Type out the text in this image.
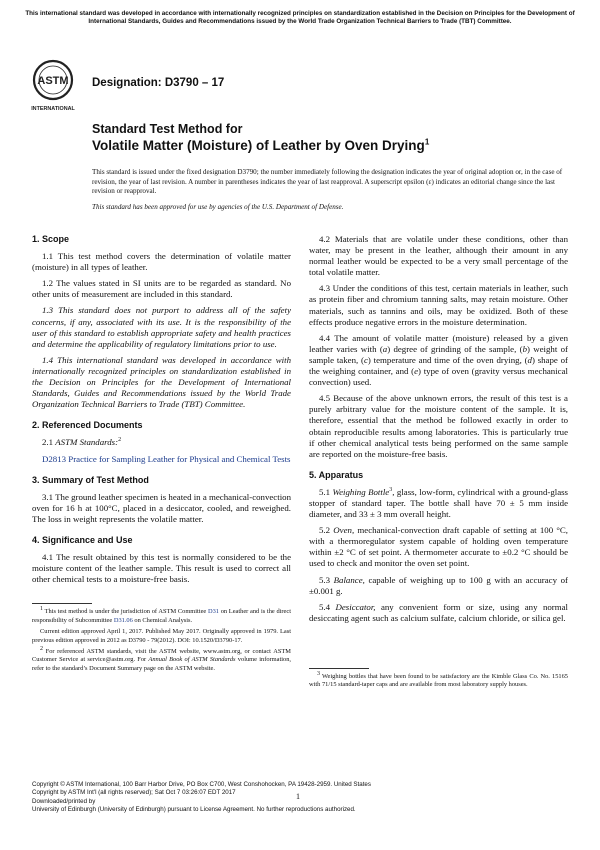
This international standard was developed in accordance with internationally recognized principles on standardization established in the Decision on Principles for the Development of International Standards, Guides and Recommendations issued by the World Trade Organization Technical Barriers to Trade (TBT) Committee.
ASTM
INTERNATIONAL
Designation: D3790 – 17
Standard Test Method for
Volatile Matter (Moisture) of Leather by Oven Drying$^1$
This standard is issued under the fixed designation D3790; the number immediately following the designation indicates the year of original adoption or, in the case of revision, the year of last revision. A number in parentheses indicates the year of last reapproval. A superscript epsilon (ε) indicates an editorial change since the last revision or reapproval.
This standard has been approved for use by agencies of the U.S. Department of Defense.
1. Scope

1.1 This test method covers the determination of volatile matter (moisture) in all types of leather.

1.2 The values stated in SI units are to be regarded as standard. No other units of measurement are included in this standard.

1.3 This standard does not purport to address all of the safety concerns, if any, associated with its use. It is the responsibility of the user of this standard to establish appropriate safety and health practices and determine the applicability of regulatory limitations prior to use.

1.4 This international standard was developed in accordance with internationally recognized principles on standardization established in the Decision on Principles for the Development of International Standards, Guides and Recommendations issued by the World Trade Organization Technical Barriers to Trade (TBT) Committee.

2. Referenced Documents

2.1 ASTM Standards:$^2$

D2813 Practice for Sampling Leather for Physical and Chemical Tests

3. Summary of Test Method

3.1 The ground leather specimen is heated in a mechanical-convection oven for 16 h at 100°C, placed in a desiccator, cooled, and reweighed. The loss in weight represents the volatile matter.

4. Significance and Use

4.1 The result obtained by this test is normally considered to be the moisture content of the leather sample. This result is used to correct all other chemical tests to a moisture-free basis.

$^1$ This test method is under the jurisdiction of ASTM Committee D31 on Leather and is the direct responsibility of Subcommittee D31.06 on Chemical Analysis.
Current edition approved April 1, 2017. Published May 2017. Originally approved in 1979. Last previous edition approved in 2012 as D3790 - 79(2012). DOI: 10.1520/D3790-17.
$^2$ For referenced ASTM standards, visit the ASTM website, www.astm.org, or contact ASTM Customer Service at service@astm.org. For Annual Book of ASTM Standards volume information, refer to the standard’s Document Summary page on the ASTM website.

4.2 Materials that are volatile under these conditions, other than water, may be present in the leather, although their amount in any normal leather would be expected to be a very small percentage of the total volatile matter.

4.3 Under the conditions of this test, certain materials in leather, such as protein fiber and chromium tanning salts, may retain moisture. Other materials, such as tannins and oils, may be oxidized. Both of these effects produce negative errors in the moisture determination.

4.4 The amount of volatile matter (moisture) released by a given leather varies with (a) degree of grinding of the sample, (b) weight of sample taken, (c) temperature and time of the oven drying, (d) shape of the weighing container, and (e) type of oven (gravity versus mechanical convection) used.

4.5 Because of the above unknown errors, the result of this test is a purely arbitrary value for the moisture content of the sample. It is, therefore, essential that the method be followed exactly in order to obtain reproducible results among laboratories. This is particularly true if other chemical analytical tests being performed on the same sample are reported on the moisture-free basis.

5. Apparatus

5.1 Weighing Bottle$^3$, glass, low-form, cylindrical with a ground-glass stopper of standard taper. The bottle shall have 70 ± 5 mm inside diameter, and 33 ± 3 mm overall height.

5.2 Oven, mechanical-convection draft capable of setting at 100 °C, with a thermoregulator system capable of holding oven temperature within ±2 °C of set point. A thermometer accurate to ±0.2 °C should be used to check and monitor the oven set point.

5.3 Balance, capable of weighing up to 100 g with an accuracy of ±0.001 g.

5.4 Desiccator, any convenient form or size, using any normal desiccating agent such as calcium sulfate, calcium chloride, or silica gel.

$^3$ Weighing bottles that have been found to be satisfactory are the Kimble Glass Co. No. 15165 with 71/15 standard-taper caps and are available from most laboratory supply houses.
Copyright © ASTM International, 100 Barr Harbor Drive, PO Box C700, West Conshohocken, PA 19428-2959. United States
Copyright by ASTM Int'l (all rights reserved); Sat Oct 7 03:26:07 EDT 2017
Downloaded/printed by
University of Edinburgh (University of Edinburgh) pursuant to License Agreement. No further reproductions authorized.
1
